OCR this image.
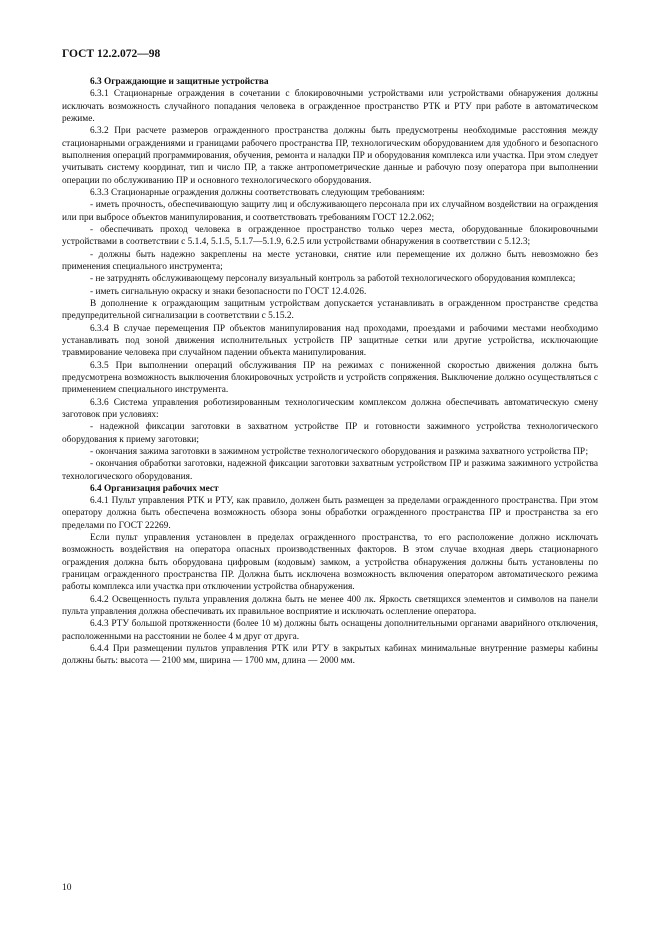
ГОСТ 12.2.072—98
6.3 Ограждающие и защитные устройства

6.3.1 Стационарные ограждения в сочетании с блокировочными устройствами или устройствами обнаружения должны исключать возможность случайного попадания человека в огражденное пространство РТК и РТУ при работе в автоматическом режиме.

6.3.2 При расчете размеров огражденного пространства должны быть предусмотрены необходимые расстояния между стационарными ограждениями и границами рабочего пространства ПР, технологическим оборудованием для удобного и безопасного выполнения операций программирования, обучения, ремонта и наладки ПР и оборудования комплекса или участка. При этом следует учитывать систему координат, тип и число ПР, а также антропометрические данные и рабочую позу оператора при выполнении операции по обслуживанию ПР и основного технологического оборудования.

6.3.3 Стационарные ограждения должны соответствовать следующим требованиям:

- иметь прочность, обеспечивающую защиту лиц и обслуживающего персонала при их случайном воздействии на ограждения или при выбросе объектов манипулирования, и соответствовать требованиям ГОСТ 12.2.062;

- обеспечивать проход человека в огражденное пространство только через места, оборудованные блокировочными устройствами в соответствии с 5.1.4, 5.1.5, 5.1.7—5.1.9, 6.2.5 или устройствами обнаружения в соответствии с 5.12.3;

- должны быть надежно закреплены на месте установки, снятие или перемещение их должно быть невозможно без применения специального инструмента;

- не затруднять обслуживающему персоналу визуальный контроль за работой технологического оборудования комплекса;

- иметь сигнальную окраску и знаки безопасности по ГОСТ 12.4.026.

В дополнение к ограждающим защитным устройствам допускается устанавливать в огражденном пространстве средства предупредительной сигнализации в соответствии с 5.15.2.

6.3.4 В случае перемещения ПР объектов манипулирования над проходами, проездами и рабочими местами необходимо устанавливать под зоной движения исполнительных устройств ПР защитные сетки или другие устройства, исключающие травмирование человека при случайном падении объекта манипулирования.

6.3.5 При выполнении операций обслуживания ПР на режимах с пониженной скоростью движения должна быть предусмотрена возможность выключения блокировочных устройств и устройств сопряжения. Выключение должно осуществляться с применением специального инструмента.

6.3.6 Система управления роботизированным технологическим комплексом должна обеспечивать автоматическую смену заготовок при условиях:

- надежной фиксации заготовки в захватном устройстве ПР и готовности зажимного устройства технологического оборудования к приему заготовки;

- окончания зажима заготовки в зажимном устройстве технологического оборудования и разжима захватного устройства ПР;

- окончания обработки заготовки, надежной фиксации заготовки захватным устройством ПР и разжима зажимного устройства технологического оборудования.

6.4 Организация рабочих мест

6.4.1 Пульт управления РТК и РТУ, как правило, должен быть размещен за пределами огражденного пространства. При этом оператору должна быть обеспечена возможность обзора зоны обработки огражденного пространства ПР и пространства за его пределами по ГОСТ 22269.

Если пульт управления установлен в пределах огражденного пространства, то его расположение должно исключать возможность воздействия на оператора опасных производственных факторов. В этом случае входная дверь стационарного ограждения должна быть оборудована цифровым (кодовым) замком, а устройства обнаружения должны быть установлены по границам огражденного пространства ПР. Должна быть исключена возможность включения оператором автоматического режима работы комплекса или участка при отключении устройства обнаружения.

6.4.2 Освещенность пульта управления должна быть не менее 400 лк. Яркость светящихся элементов и символов на панели пульта управления должна обеспечивать их правильное восприятие и исключать ослепление оператора.

6.4.3 РТУ большой протяженности (более 10 м) должны быть оснащены дополнительными органами аварийного отключения, расположенными на расстоянии не более 4 м друг от друга.

6.4.4 При размещении пультов управления РТК или РТУ в закрытых кабинах минимальные внутренние размеры кабины должны быть: высота — 2100 мм, ширина — 1700 мм, длина — 2000 мм.

10
